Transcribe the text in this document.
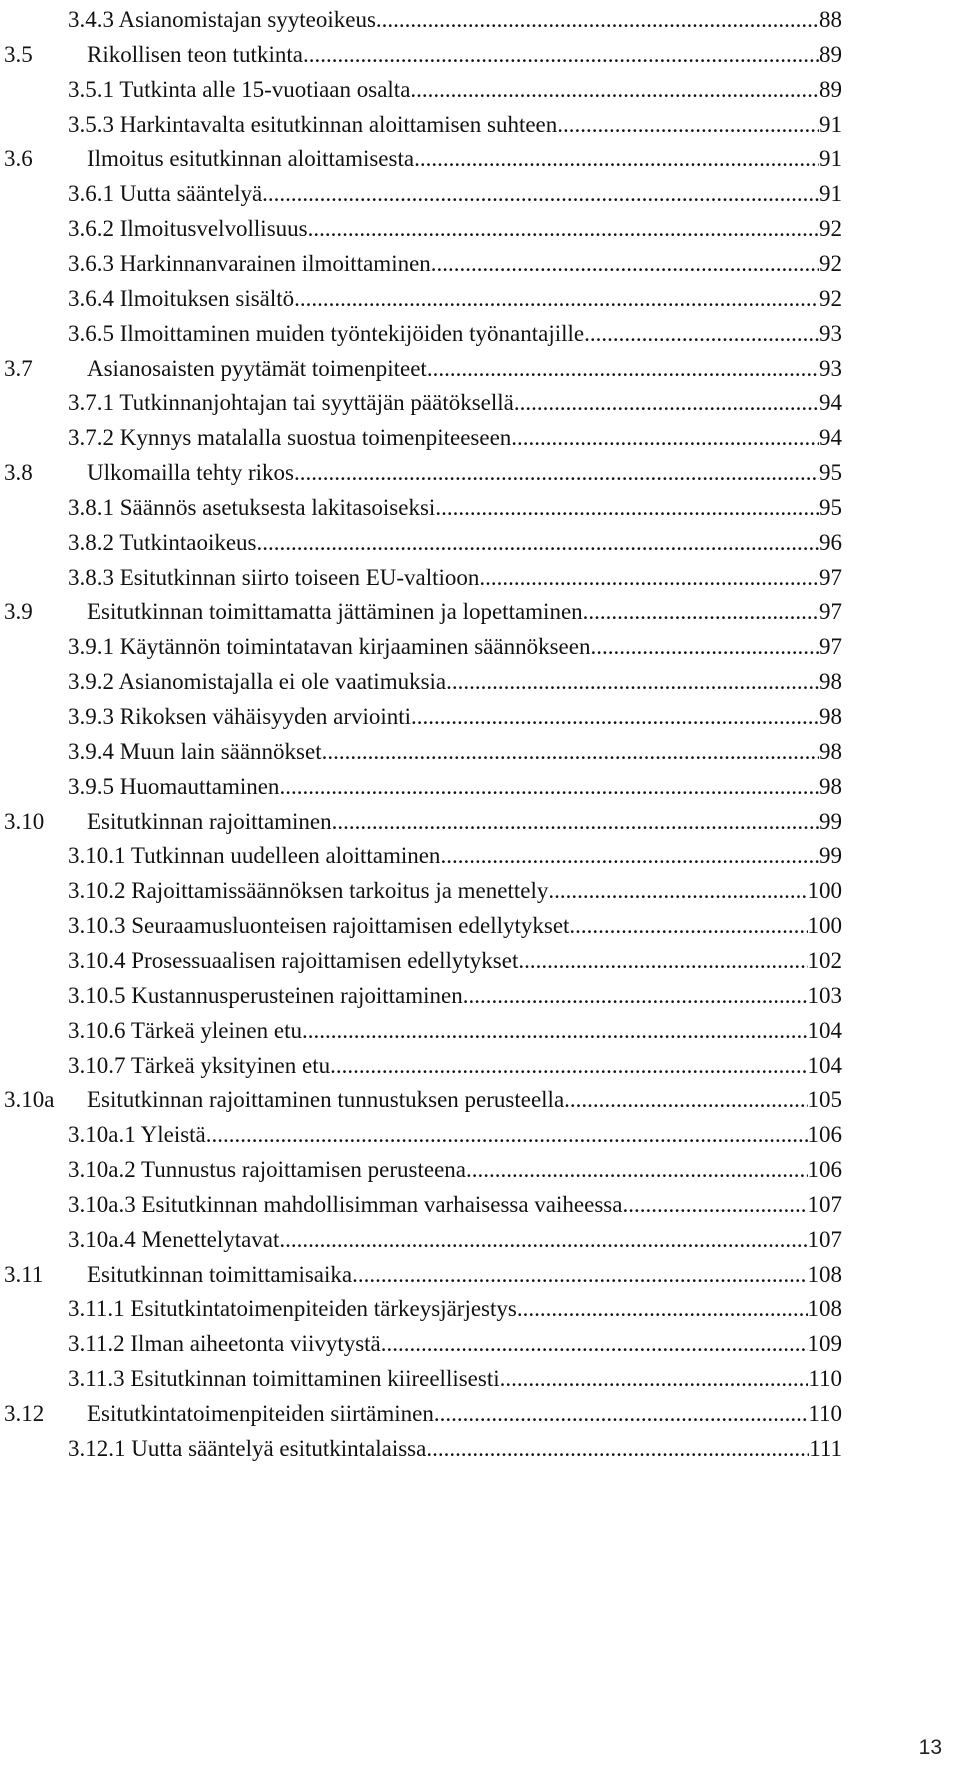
3.4.3 Asianomistajan syyteoikeus .....	88
3.5 Rikollisen teon tutkinta .....	89
3.5.1 Tutkinta alle 15-vuotiaan osalta .....	89
3.5.3 Harkintavalta esitutkinnan aloittamisen suhteen .....	91
3.6 Ilmoitus esitutkinnan aloittamisesta .....	91
3.6.1 Uutta sääntelyä .....	91
3.6.2 Ilmoitusvelvollisuus .....	92
3.6.3 Harkinnanvarainen ilmoittaminen .....	92
3.6.4 Ilmoituksen sisältö .....	92
3.6.5 Ilmoittaminen muiden työntekijöiden työnantajille .....	93
3.7 Asianosaisten pyytämät toimenpiteet .....	93
3.7.1 Tutkinnanjohtajan tai syyttäjän päätöksellä .....	94
3.7.2 Kynnys matalalla suostua toimenpiteeseen .....	94
3.8 Ulkomailla tehty rikos .....	95
3.8.1 Säännös asetuksesta lakitasoiseksi .....	95
3.8.2 Tutkintaoikeus .....	96
3.8.3 Esitutkinnan siirto toiseen EU-valtioon .....	97
3.9 Esitutkinnan toimittamatta jättäminen ja lopettaminen .....	97
3.9.1 Käytännön toimintatavan kirjaaminen säännökseen .....	97
3.9.2 Asianomistajalla ei ole vaatimuksia .....	98
3.9.3 Rikoksen vähäisyyden arviointi .....	98
3.9.4 Muun lain säännökset .....	98
3.9.5 Huomauttaminen .....	98
3.10 Esitutkinnan rajoittaminen .....	99
3.10.1 Tutkinnan uudelleen aloittaminen .....	99
3.10.2 Rajoittamissäännöksen tarkoitus ja menettely .....	100
3.10.3 Seuraamusluonteisen rajoittamisen edellytykset .....	100
3.10.4 Prosessuaalisen rajoittamisen edellytykset .....	102
3.10.5 Kustannusperusteinen rajoittaminen .....	103
3.10.6 Tärkeä yleinen etu .....	104
3.10.7 Tärkeä yksityinen etu .....	104
3.10a Esitutkinnan rajoittaminen tunnustuksen perusteella .....	105
3.10a.1 Yleistä .....	106
3.10a.2 Tunnustus rajoittamisen perusteena .....	106
3.10a.3 Esitutkinnan mahdollisimman varhaisessa vaiheessa .....	107
3.10a.4 Menettelytavat .....	107
3.11 Esitutkinnan toimittamisaika .....	108
3.11.1 Esitutkintatoimenpiteiden tärkeysjärjestys .....	108
3.11.2 Ilman aiheetonta viivytystä .....	109
3.11.3 Esitutkinnan toimittaminen kiireellisesti .....	110
3.12 Esitutkintatoimenpiteiden siirtäminen .....	110
3.12.1 Uutta sääntelyä esitutkintalaissa .....	111
13
